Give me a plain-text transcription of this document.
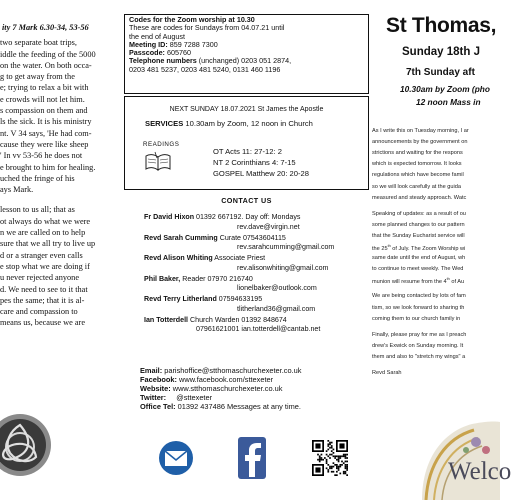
ity 7 Mark 6.30-34, 53-56
two separate boat trips,
iddle the feeding of the 5000
on the water. On both occa-
g to get away from the
e; trying to relax a bit with
e crowds will not let him.
s compassion on them and
ls the sick. It is his ministry
nt. V 34 says, 'He had com-
cause they were like sheep
' In vv 53-56 he does not
e brought to him for healing.
uched the fringe of his
ays Mark.
lesson to us all; that as
ot always do what we were
n we are called on to help
sure that we all try to live up
d or a stranger even calls
e stop what we are doing if
u never rejected anyone
d. We need to see to it that
pes the same; that it is al-
care and compassion to
means us, because we are
Codes for the Zoom worship at 10.30
These are codes for Sundays from 04.07.21 until
the end of August
Meeting ID: 859 7288 7300
Passcode: 605760
Telephone numbers (unchanged) 0203 051 2874,
0203 481 5237, 0203 481 5240, 0131 460 1196
NEXT SUNDAY 18.07.2021 St James the Apostle
SERVICES 10.30am by Zoom, 12 noon in Church
READINGS
OT Acts 11: 27-12: 2
NT 2 Corinthians 4: 7-15
GOSPEL Matthew 20: 20-28
CONTACT US
Fr David Hixon 01392 667192. Day off: Mondays
rev.dave@virgin.net
Revd Sarah Cumming Curate 07543604115
rev.sarahcumming@gmail.com
Revd Alison Whiting Associate Priest
rev.alisonwhiting@gmail.com
Phil Baker, Reader 07970 216740
lionelbaker@outlook.com
Revd Terry Litherland 07594633195
tlitherland36@gmail.com
Ian Totterdell Church Warden 01392 848674
07961621001 ian.totterdell@cantab.net
Email: parishoffice@stthomaschurchexeter.co.uk
Facebook: www.facebook.com/sttexeter
Website: www.stthomaschurchexeter.co.uk
Twitter: @sttexeter
Office Tel: 01392 437486 Messages at any time.
St Thomas,
Sunday 18th J
7th Sunday aft
10.30am by Zoom (pho
12 noon Mass in
As I write this on Tuesday morning, I ar
announcements by the government on
strictions and waiting for the respons
which is expected tomorrow. It looks
regulations which have become famil
so we will look carefully at the guida
measured and steady approach. Watc
Speaking of updates: as a result of ou
some planned changes to our pattern
that the Sunday Eucharist service will
the 25th of July. The Zoom Worship wi
same date until the end of August, wh
to continue to meet weekly. The Wed
munion will resume from the 4th of Au
We are being contacted by lots of fam
tism, so we look forward to sharing th
coming them to our church family in
Finally, please pray for me as I preach
drew's Exwick on Sunday morning. It
them and also to "stretch my wings" a
Revd Sarah
Welco
